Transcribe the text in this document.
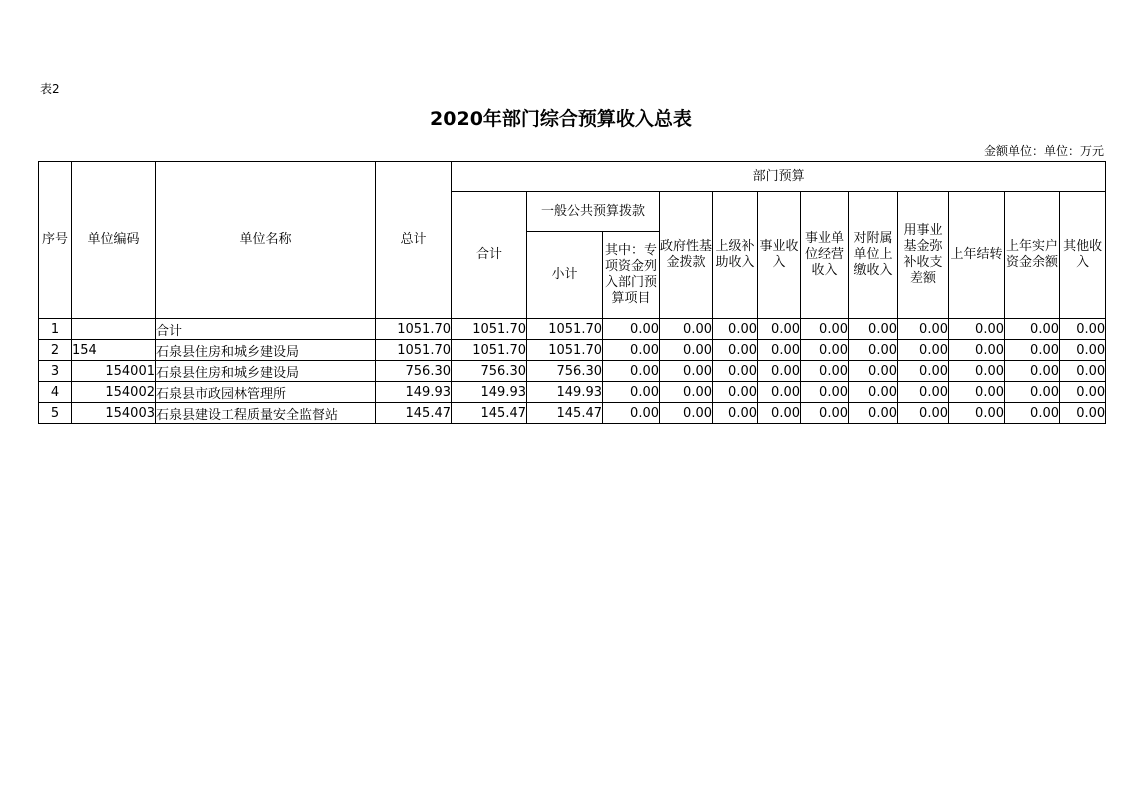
表2
2020年部门综合预算收入总表
金额单位：单位：万元
序号	单位编码	单位名称	总计	部门预算											
				合计	一般公共预算拨款		政府性基金拨款	上级补助收入	事业收入	事业单位经营收入	对附属单位上缴收入	用事业基金弥补收支差额	上年结转	上年实户资金余额	其他收入
					小计	其中：专项资金列入部门预算项目									
1		合计	1051.70	1051.70	1051.70	0.00	0.00	0.00	0.00	0.00	0.00	0.00	0.00	0.00	0.00
2	154	石泉县住房和城乡建设局	1051.70	1051.70	1051.70	0.00	0.00	0.00	0.00	0.00	0.00	0.00	0.00	0.00	0.00
3	154001	石泉县住房和城乡建设局	756.30	756.30	756.30	0.00	0.00	0.00	0.00	0.00	0.00	0.00	0.00	0.00	0.00
4	154002	石泉县市政园林管理所	149.93	149.93	149.93	0.00	0.00	0.00	0.00	0.00	0.00	0.00	0.00	0.00	0.00
5	154003	石泉县建设工程质量安全监督站	145.47	145.47	145.47	0.00	0.00	0.00	0.00	0.00	0.00	0.00	0.00	0.00	0.00
